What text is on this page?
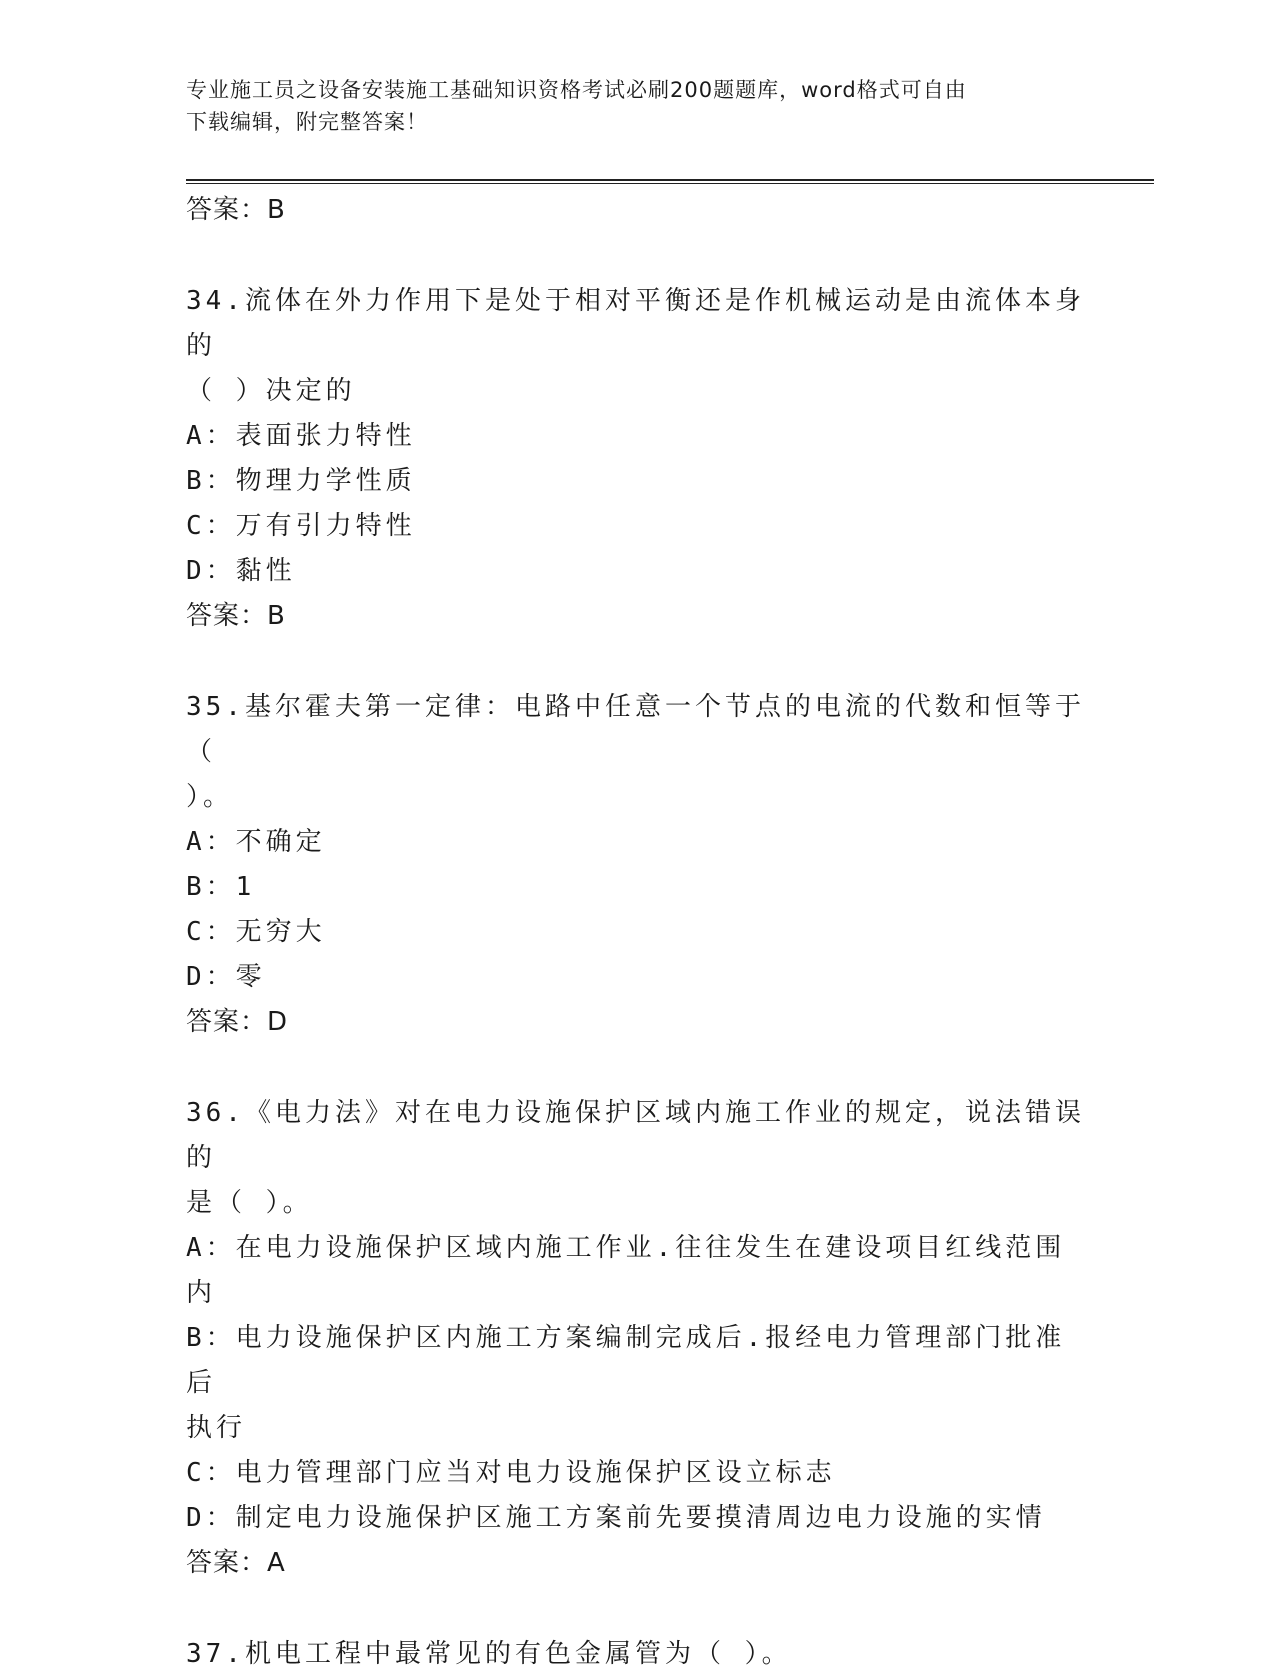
专业施工员之设备安装施工基础知识资格考试必刷200题题库，word格式可自由
下载编辑，附完整答案！
答案：B
34.流体在外力作用下是处于相对平衡还是作机械运动是由流体本身的
（ ）决定的
A：表面张力特性
B：物理力学性质
C：万有引力特性
D：黏性
答案：B
35.基尔霍夫第一定律：电路中任意一个节点的电流的代数和恒等于（
）。
A：不确定
B：1
C：无穷大
D：零
答案：D
36.《电力法》对在电力设施保护区域内施工作业的规定，说法错误的
是（ ）。
A：在电力设施保护区域内施工作业.往往发生在建设项目红线范围内
B：电力设施保护区内施工方案编制完成后.报经电力管理部门批准后
执行
C：电力管理部门应当对电力设施保护区设立标志
D：制定电力设施保护区施工方案前先要摸清周边电力设施的实情
答案：A
37.机电工程中最常见的有色金属管为（ ）。
